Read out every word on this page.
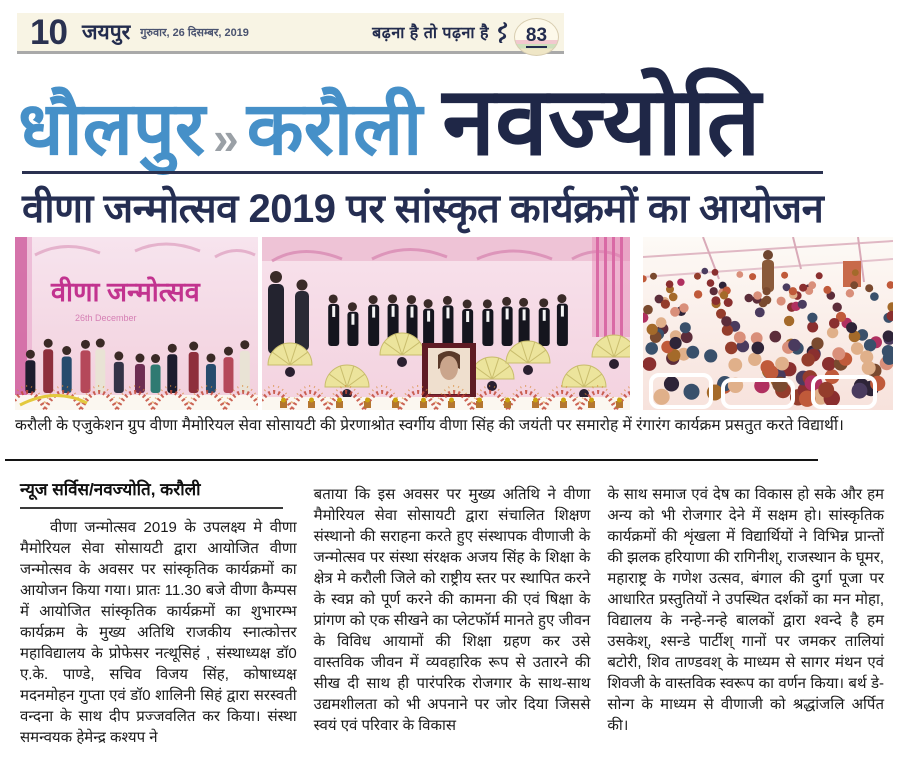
10 जयपुर गुरुवार, 26 दिसम्बर, 2019	बढ़ना है तो पढ़ना है 83
धौलपुर » करौली नवज्योति
वीणा जन्मोत्सव 2019 पर सांस्कृत कार्यक्रमों का आयोजन
वीणा जन्मोत्सव
26th December

करौली के एजुकेशन ग्रुप वीणा मैमोरियल सेवा सोसायटी की प्रेरणाश्रोत स्वर्गीय वीणा सिंह की जयंती पर समारोह में रंगारंग कार्यक्रम प्रसतुत करते विद्यार्थी।

न्यूज सर्विस/नवज्योति, करौली

वीणा जन्मोत्सव 2019 के उपलक्ष्य मे वीणा मैमोरियल सेवा सोसायटी द्वारा आयोजित वीणा जन्मोत्सव के अवसर पर सांस्कृतिक कार्यक्रमों का आयोजन किया गया। प्रातः 11.30 बजे वीणा कैम्पस में आयोजित सांस्कृतिक कार्यक्रमों का शुभारम्भ कार्यक्रम के मुख्य अतिथि राजकीय स्नात्कोत्तर महाविद्यालय के प्रोफेसर नत्थूसिहं , संस्थाध्यक्ष डॉ0 ए.के. पाण्डे, सचिव विजय सिंह, कोषाध्यक्ष मदनमोहन गुप्ता एवं डॉ0 शालिनी सिहं द्वारा सरस्वती वन्दना के साथ दीप प्रज्जवलित कर किया। संस्था समन्वयक हेमेन्द्र कश्यप ने

बताया कि इस अवसर पर मुख्य अतिथि ने वीणा मैमोरियल सेवा सोसायटी द्वारा संचालित शिक्षण संस्थानो की सराहना करते हुए संस्थापक वीणाजी के जन्मोत्सव पर संस्था संरक्षक अजय सिंह के शिक्षा के क्षेत्र मे करौली जिले को राष्ट्रीय स्तर पर स्थापित करने के स्वप्न को पूर्ण करने की कामना की एवं षिक्षा के प्रांगण को एक सीखने का प्लेटफॉर्म मानते हुए जीवन के विविध आयामों की शिक्षा ग्रहण कर उसे वास्तविक जीवन में व्यवहारिक रूप से उतारने की सीख दी साथ ही पारंपरिक रोजगार के साथ-साथ उद्यमशीलता को भी अपनाने पर जोर दिया जिससे स्वयं एवं परिवार के विकास

के साथ समाज एवं देष का विकास हो सके और हम अन्य को भी रोजगार देने में सक्षम हो। सांस्कृतिक कार्यक्रमों की शृंखला में विद्यार्थियों ने विभिन्न प्रान्तों की झलक हरियाणा की रागिनीश्, राजस्थान के घूमर, महाराष्ट्र के गणेश उत्सव, बंगाल की दुर्गा पूजा पर आधारित प्रस्तुतियों ने उपस्थित दर्शकों का मन मोहा, विद्यालय के नन्हे-नन्हे बालकों द्वारा श्वन्दे है हम उसकेश्, श्सन्डे पार्टीश् गानों पर जमकर तालियां बटोरी, शिव ताण्डवश् के माध्यम से सागर मंथन एवं शिवजी के वास्तविक स्वरूप का वर्णन किया। बर्थ डे-सोन्ग के माध्यम से वीणाजी को श्रद्धांजलि अर्पित की।
